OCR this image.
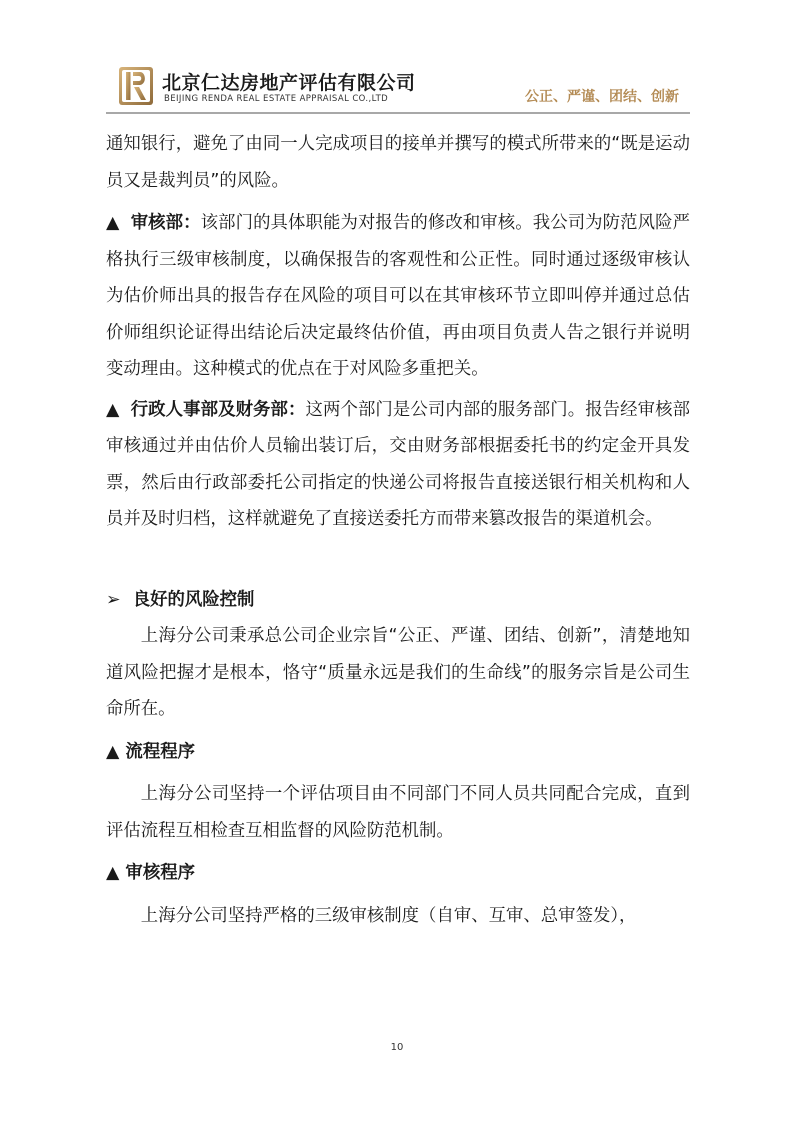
北京仁达房地产评估有限公司
BEIJING RENDA REAL ESTATE APPRAISAL CO.,LTD	公正、严谨、团结、创新

通知银行，避免了由同一人完成项目的接单并撰写的模式所带来的“既是运动员又是裁判员”的风险。

▲ 审核部：该部门的具体职能为对报告的修改和审核。我公司为防范风险严格执行三级审核制度，以确保报告的客观性和公正性。同时通过逐级审核认为估价师出具的报告存在风险的项目可以在其审核环节立即叫停并通过总估价师组织论证得出结论后决定最终估价值，再由项目负责人告之银行并说明变动理由。这种模式的优点在于对风险多重把关。

▲ 行政人事部及财务部：这两个部门是公司内部的服务部门。报告经审核部审核通过并由估价人员输出装订后，交由财务部根据委托书的约定金开具发票，然后由行政部委托公司指定的快递公司将报告直接送银行相关机构和人员并及时归档，这样就避免了直接送委托方而带来篡改报告的渠道机会。

➢ 良好的风险控制

上海分公司秉承总公司企业宗旨“公正、严谨、团结、创新”，清楚地知道风险把握才是根本，恪守“质量永远是我们的生命线”的服务宗旨是公司生命所在。

▲ 流程程序

上海分公司坚持一个评估项目由不同部门不同人员共同配合完成，直到评估流程互相检查互相监督的风险防范机制。

▲ 审核程序

上海分公司坚持严格的三级审核制度（自审、互审、总审签发），

10
